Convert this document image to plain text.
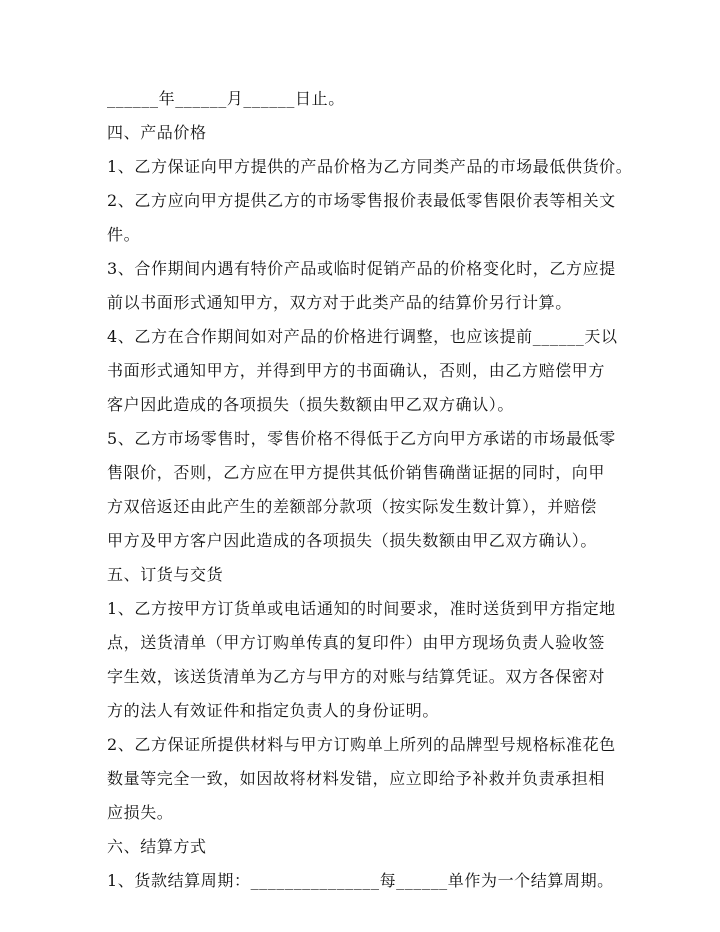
______年______月______日止。
四、产品价格
1、乙方保证向甲方提供的产品价格为乙方同类产品的市场最低供货价。
2、乙方应向甲方提供乙方的市场零售报价表最低零售限价表等相关文
件。
3、合作期间内遇有特价产品或临时促销产品的价格变化时，乙方应提
前以书面形式通知甲方，双方对于此类产品的结算价另行计算。
4、乙方在合作期间如对产品的价格进行调整，也应该提前______天以
书面形式通知甲方，并得到甲方的书面确认，否则，由乙方赔偿甲方
客户因此造成的各项损失（损失数额由甲乙双方确认）。
5、乙方市场零售时，零售价格不得低于乙方向甲方承诺的市场最低零
售限价，否则，乙方应在甲方提供其低价销售确凿证据的同时，向甲
方双倍返还由此产生的差额部分款项（按实际发生数计算），并赔偿
甲方及甲方客户因此造成的各项损失（损失数额由甲乙双方确认）。
五、订货与交货
1、乙方按甲方订货单或电话通知的时间要求，准时送货到甲方指定地
点，送货清单（甲方订购单传真的复印件）由甲方现场负责人验收签
字生效，该送货清单为乙方与甲方的对账与结算凭证。双方各保密对
方的法人有效证件和指定负责人的身份证明。
2、乙方保证所提供材料与甲方订购单上所列的品牌型号规格标准花色
数量等完全一致，如因故将材料发错，应立即给予补救并负责承担相
应损失。
六、结算方式
1、货款结算周期：_______________每______单作为一个结算周期。
